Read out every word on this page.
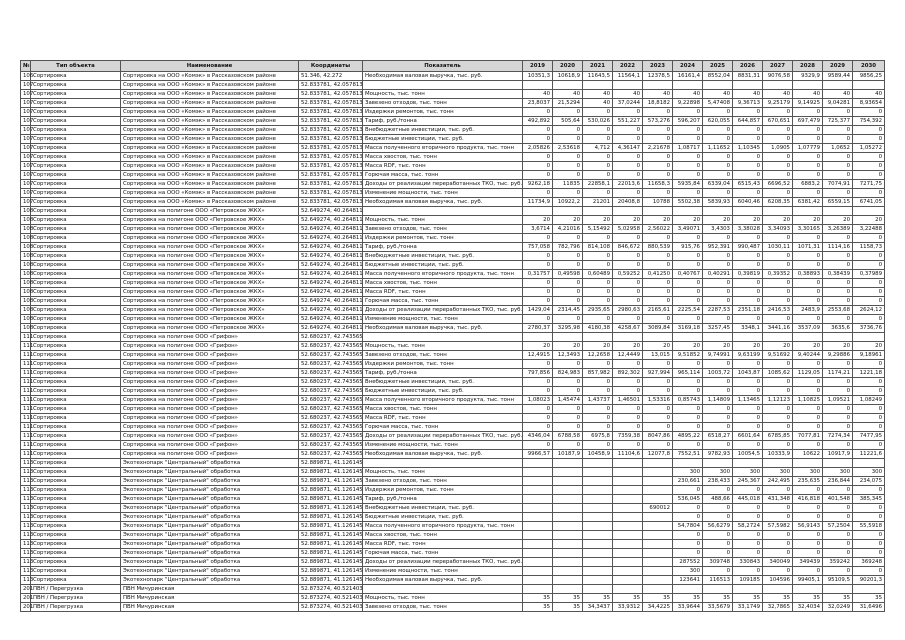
№	Тип объекта	Наименование	Координаты	Показатель	2019	2020	2021	2022	2023	2024	2025	2026	2027	2028	2029	2030	
106	Сортировка	Сортировка на ООО «Комэк» в Рассказовском районе	51.346, 42.272	Необходимая валовая выручка, тыс. руб.	10351,3	10618,9	11643,5	11564,1	12378,5	16161,4	8552,04	8831,31	9076,58	9329,9	9589,44	9856,25	
107	Сортировка	Сортировка на ООО «Комэк» в Рассказовском районе	52.833781, 42.057813														
107	Сортировка	Сортировка на ООО «Комэк» в Рассказовском районе	52.833781, 42.057813	Мощность, тыс. тонн	40	40	40	40	40	40	40	40	40	40	40	40	
107	Сортировка	Сортировка на ООО «Комэк» в Рассказовском районе	52.833781, 42.057813	Завезено отходов, тыс. тонн	23,8037	21,5294	40	37,0244	18,8182	9,22898	5,47408	9,36713	9,25179	9,14925	9,04281	8,93654	
107	Сортировка	Сортировка на ООО «Комэк» в Рассказовском районе	52.833781, 42.057813	Издержки ремонтов, тыс. тонн	0	0	0	0	0	0	0	0	0	0	0	0	
107	Сортировка	Сортировка на ООО «Комэк» в Рассказовском районе	52.833781, 42.057813	Тариф, руб./тонна	492,892	505,64	530,026	551,227	573,276	596,207	620,055	644,857	670,651	697,479	725,377	754,392	
107	Сортировка	Сортировка на ООО «Комэк» в Рассказовском районе	52.833781, 42.057813	Внебюджетные инвестиции, тыс. руб.	0	0	0	0	0	0	0	0	0	0	0	0	
107	Сортировка	Сортировка на ООО «Комэк» в Рассказовском районе	52.833781, 42.057813	Бюджетные инвестиции, тыс. руб.	0	0	0	0	0	0	0	0	0	0	0	0	
107	Сортировка	Сортировка на ООО «Комэк» в Рассказовском районе	52.833781, 42.057813	Масса полученного вторичного продукта, тыс. тонн	2,05826	2,53618	4,712	4,36147	2,21678	1,08717	1,11652	1,10345	1,0905	1,07779	1,0652	1,05272	
107	Сортировка	Сортировка на ООО «Комэк» в Рассказовском районе	52.833781, 42.057813	Масса хвостов, тыс. тонн	0	0	0	0	0	0	0	0	0	0	0	0	
107	Сортировка	Сортировка на ООО «Комэк» в Рассказовском районе	52.833781, 42.057813	Масса RDF, тыс. тонн	0	0	0	0	0	0	0	0	0	0	0	0	
107	Сортировка	Сортировка на ООО «Комэк» в Рассказовском районе	52.833781, 42.057813	Горючая масса, тыс. тонн	0	0	0	0	0	0	0	0	0	0	0	0	
107	Сортировка	Сортировка на ООО «Комэк» в Рассказовском районе	52.833781, 42.057813	Доходы от реализации переработанных ТКО, тыс. руб.	9262,18	11835	22858,1	22013,6	11658,3	5935,84	6339,04	6515,43	6696,52	6883,2	7074,91	7271,75	
107	Сортировка	Сортировка на ООО «Комэк» в Рассказовском районе	52.833781, 42.057813	Изменение мощности, тыс. тонн	0	0	0	0	0	0	0	0	0	0	0	0	
107	Сортировка	Сортировка на ООО «Комэк» в Рассказовском районе	52.833781, 42.057813	Необходимая валовая выручка, тыс. руб.	11734,9	10922,2	21201	20408,8	10788	5502,38	5839,93	6040,46	6208,35	6381,42	6559,15	6741,05	
108	Сортировка	Сортировка на полигоне ООО «Петровское ЖКХ»	52.649274, 40.264811														
108	Сортировка	Сортировка на полигоне ООО «Петровское ЖКХ»	52.649274, 40.264811	Мощность, тыс. тонн	20	20	20	20	20	20	20	20	20	20	20	20	
108	Сортировка	Сортировка на полигоне ООО «Петровское ЖКХ»	52.649274, 40.264811	Завезено отходов, тыс. тонн	3,6714	4,21016	5,15492	5,02958	2,56022	3,49071	3,4303	3,38028	3,34093	3,30165	3,26389	3,22488	
108	Сортировка	Сортировка на полигоне ООО «Петровское ЖКХ»	52.649274, 40.264811	Издержки ремонтов, тыс. тонн	0	0	0	0	0	0	0	0	0	0	0	0	
108	Сортировка	Сортировка на полигоне ООО «Петровское ЖКХ»	52.649274, 40.264811	Тариф, руб./тонна	757,058	782,796	814,108	846,672	880,539	915,76	952,391	990,487	1030,11	1071,31	1114,16	1158,73	
108	Сортировка	Сортировка на полигоне ООО «Петровское ЖКХ»	52.649274, 40.264811	Внебюджетные инвестиции, тыс. руб.	0	0	0	0	0	0	0	0	0	0	0	0	
108	Сортировка	Сортировка на полигоне ООО «Петровское ЖКХ»	52.649274, 40.264811	Бюджетные инвестиции, тыс. руб.	0	0	0	0	0	0	0	0	0	0	0	0	
108	Сортировка	Сортировка на полигоне ООО «Петровское ЖКХ»	52.649274, 40.264811	Масса полученного вторичного продукта, тыс. тонн	0,31757	0,49598	0,60489	0,59252	0,41250	0,40767	0,40291	0,39819	0,39352	0,38893	0,38439	0,37989	
108	Сортировка	Сортировка на полигоне ООО «Петровское ЖКХ»	52.649274, 40.264811	Масса хвостов, тыс. тонн	0	0	0	0	0	0	0	0	0	0	0	0	
108	Сортировка	Сортировка на полигоне ООО «Петровское ЖКХ»	52.649274, 40.264811	Масса RDF, тыс. тонн	0	0	0	0	0	0	0	0	0	0	0	0	
108	Сортировка	Сортировка на полигоне ООО «Петровское ЖКХ»	52.649274, 40.264811	Горючая масса, тыс. тонн	0	0	0	0	0	0	0	0	0	0	0	0	
108	Сортировка	Сортировка на полигоне ООО «Петровское ЖКХ»	52.649274, 40.264811	Доходы от реализации переработанных ТКО, тыс. руб.	1429,04	2314,45	2935,65	2980,63	2165,61	2225,54	2287,53	2351,18	2416,53	2483,9	2553,68	2624,12	
108	Сортировка	Сортировка на полигоне ООО «Петровское ЖКХ»	52.649274, 40.264811	Изменение мощности, тыс. тонн	0	0	0	0	0	0	0	0	0	0	0	0	
108	Сортировка	Сортировка на полигоне ООО «Петровское ЖКХ»	52.649274, 40.264811	Необходимая валовая выручка, тыс. руб.	2780,37	3295,98	4180,38	4258,67	3089,84	3169,18	3257,45	3348,1	3441,16	3537,09	3635,6	3736,76	
111	Сортировка	Сортировка на полигоне ООО «Грифон»	52.680237, 42.743565														
111	Сортировка	Сортировка на полигоне ООО «Грифон»	52.680237, 42.743565	Мощность, тыс. тонн	20	20	20	20	20	20	20	20	20	20	20	20	
111	Сортировка	Сортировка на полигоне ООО «Грифон»	52.680237, 42.743565	Завезено отходов, тыс. тонн	12,4915	12,3493	12,2658	12,4449	13,015	9,51852	9,74991	9,63199	9,51692	9,40244	9,29886	9,18961	
111	Сортировка	Сортировка на полигоне ООО «Грифон»	52.680237, 42.743565	Издержки ремонтов, тыс. тонн	0	0	0	0	0	0	0	0	0	0	0	0	
111	Сортировка	Сортировка на полигоне ООО «Грифон»	52.680237, 42.743565	Тариф, руб./тонна	797,856	824,983	857,982	892,302	927,994	965,114	1003,72	1043,87	1085,62	1129,05	1174,21	1221,18	
111	Сортировка	Сортировка на полигоне ООО «Грифон»	52.680237, 42.743565	Внебюджетные инвестиции, тыс. руб.	0	0	0	0	0	0	0	0	0	0	0	0	
111	Сортировка	Сортировка на полигоне ООО «Грифон»	52.680237, 42.743565	Бюджетные инвестиции, тыс. руб.	0	0	0	0	0	0	0	0	0	0	0	0	
111	Сортировка	Сортировка на полигоне ООО «Грифон»	52.680237, 42.743565	Масса полученного вторичного продукта, тыс. тонн	1,08023	1,45474	1,43737	1,46501	1,53316	0,85743	1,14809	1,13465	1,12123	1,10825	1,09521	1,08249	
111	Сортировка	Сортировка на полигоне ООО «Грифон»	52.680237, 42.743565	Масса хвостов, тыс. тонн	0	0	0	0	0	0	0	0	0	0	0	0	
111	Сортировка	Сортировка на полигоне ООО «Грифон»	52.680237, 42.743565	Масса RDF, тыс. тонн	0	0	0	0	0	0	0	0	0	0	0	0	
111	Сортировка	Сортировка на полигоне ООО «Грифон»	52.680237, 42.743565	Горючая масса, тыс. тонн	0	0	0	0	0	0	0	0	0	0	0	0	
111	Сортировка	Сортировка на полигоне ООО «Грифон»	52.680237, 42.743565	Доходы от реализации переработанных ТКО, тыс. руб.	4346,04	6788,58	6975,8	7359,38	8047,86	4895,22	6518,27	6601,64	6785,85	7077,81	7274,34	7477,95	
111	Сортировка	Сортировка на полигоне ООО «Грифон»	52.680237, 42.743565	Изменение мощности, тыс. тонн	0	0	0	0	0	0	0	0	0	0	0	0	
111	Сортировка	Сортировка на полигоне ООО «Грифон»	52.680237, 42.743565	Необходимая валовая выручка, тыс. руб.	9966,57	10187,9	10458,9	11104,6	12077,8	7552,51	9782,93	10054,5	10333,9	10622	10917,9	11221,6	
113	Сортировка	Экотехнопарк "Центральный" обработка	52.889871, 41.126145														
113	Сортировка	Экотехнопарк "Центральный" обработка	52.889871, 41.126145	Мощность, тыс. тонн						300	300	300	300	300	300	300	
113	Сортировка	Экотехнопарк "Центральный" обработка	52.889871, 41.126145	Завезено отходов, тыс. тонн						230,661	238,433	245,367	242,495	235,635	236,844	234,075	
113	Сортировка	Экотехнопарк "Центральный" обработка	52.889871, 41.126145	Издержки ремонтов, тыс. тонн						0	0	0	0	0	0	0	
113	Сортировка	Экотехнопарк "Центральный" обработка	52.889871, 41.126145	Тариф, руб./тонна						536,045	488,66	445,018	431,348	416,818	401,548	385,345	
113	Сортировка	Экотехнопарк "Центральный" обработка	52.889871, 41.126145	Внебюджетные инвестиции, тыс. руб.					690012	0	0	0	0	0	0	0	
113	Сортировка	Экотехнопарк "Центральный" обработка	52.889871, 41.126145	Бюджетные инвестиции, тыс. руб.						0	0	0	0	0	0	0	
113	Сортировка	Экотехнопарк "Центральный" обработка	52.889871, 41.126145	Масса полученного вторичного продукта, тыс. тонн						54,7804	56,6279	58,2724	57,5982	56,9143	57,2504	55,5918	
113	Сортировка	Экотехнопарк "Центральный" обработка	52.889871, 41.126145	Масса хвостов, тыс. тонн						0	0	0	0	0	0	0	
113	Сортировка	Экотехнопарк "Центральный" обработка	52.889871, 41.126145	Масса RDF, тыс. тонн						0	0	0	0	0	0	0	
113	Сортировка	Экотехнопарк "Центральный" обработка	52.889871, 41.126145	Горючая масса, тыс. тонн						0	0	0	0	0	0	0	
113	Сортировка	Экотехнопарк "Центральный" обработка	52.889871, 41.126145	Доходы от реализации переработанных ТКО, тыс. руб.						287552	309748	330843	340049	349439	359242	369248	
113	Сортировка	Экотехнопарк "Центральный" обработка	52.889871, 41.126145	Изменение мощности, тыс. тонн						300	0	0	0	0	0	0	
113	Сортировка	Экотехнопарк "Центральный" обработка	52.889871, 41.126145	Необходимая валовая выручка, тыс. руб.						123641	116513	109185	104596	99405,1	95109,5	90201,3	
201	ПВН / Перегрузка	ПВН Мичуринская	52.873274, 40.521403														
201	ПВН / Перегрузка	ПВН Мичуринская	52.873274, 40.521403	Мощность, тыс. тонн	35	35	35	35	35	35	35	35	35	35	35	35	
201	ПВН / Перегрузка	ПВН Мичуринская	52.873274, 40.521403	Завезено отходов, тыс. тонн	35	35	34,3437	33,9312	34,4225	33,9644	33,5679	33,1749	32,7865	32,4034	32,0249	31,6496	
